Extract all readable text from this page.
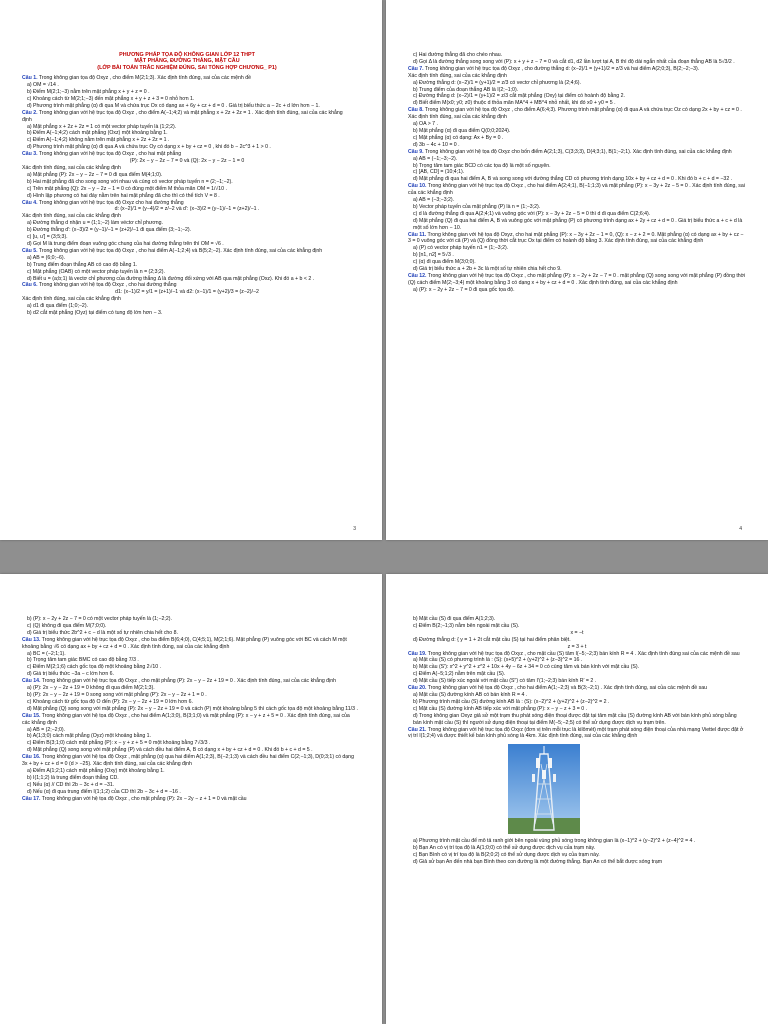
PHƯƠNG PHÁP TỌA ĐỘ KHÔNG GIAN LỚP 12 THPT
MẶT PHẲNG, ĐƯỜNG THẲNG, MẶT CẦU
(LỚP BÀI TOÁN TRẮC NGHIỆM ĐÚNG, SAI TỔNG HỢP CHƯƠNG_ P1)
Câu 1. Trong không gian tọa độ Oxyz , cho điểm M(2;1;3). Xác định tính đúng, sai của các mệnh đề
a) OM = √14 .
b) Điểm M(2;1;−3) nằm trên mặt phẳng x + y + z = 0 .
c) Khoảng cách từ M(2;1;−3) đến mặt phẳng x + y + z + 3 = 0 nhỏ hơn 1.
d) Phương trình mặt phẳng (α) đi qua M và chứa trục Ox có dạng ax + 6y + cz + d = 0 . Giá trị biểu thức a − 2c + d lớn hơn − 1.
Câu 2. Trong không gian với hệ trục tọa độ Oxyz , cho điểm A(−1;4;2) và mặt phẳng x + 2z + 2z = 1 . Xác định tính đúng, sai của các khẳng định
a) Mặt phẳng x + 2z + 2z = 1 có một vector pháp tuyến là (1;2;2).
b) Điểm A(−1;4;2) cách mặt phẳng (Oxz) một khoảng bằng 1.
c) Điểm A(−1;4;2) không nằm trên mặt phẳng x + 2z + 2z = 1 .
d) Phương trình mặt phẳng (α) đi qua A và chứa trục Oy có dạng x + by + cz = 0 , khi đó b − 2c^3 + 1 > 0 .
Câu 3. Trong không gian với hệ trục tọa độ Oxyz , cho hai mặt phẳng
(P): 2x − y − 2z − 7 = 0 và (Q): 2x − y − 2z − 1 = 0
Xác định tính đúng, sai của các khẳng định
a) Mặt phẳng (P): 2x − y − 2z − 7 = 0 đi qua điểm M(4;1;0).
b) Hai mặt phẳng đã cho song song với nhau và cùng có vector pháp tuyến n = (2;−1;−2).
c) Trên mặt phẳng (Q): 2x − y − 2z − 1 = 0 có đúng một điểm M thỏa mãn OM = 1/√10 .
d) Hình lập phương có hai đáy nằm trên hai mặt phẳng đã cho thì có thể tích V = 8 .
Câu 4. Trong không gian với hệ trục tọa độ Oxyz cho hai đường thẳng
d: (x−2)/1 = (y−4)/2 = z/−2 và d′: (x−3)/2 = (y−1)/−1 = (z+2)/−1 .
Xác định tính đúng, sai của các khẳng định
a) Đường thẳng d nhận u = (1;1;−2) làm véctơ chỉ phương.
b) Đường thẳng d′: (x−3)/2 = (y−1)/−1 = (z+2)/−1 đi qua điểm (3;−1;−2).
c) [u, u′] = (3;5;3).
d) Gọi M là trung điểm đoạn vuông góc chung của hai đường thẳng trên thì OM = √6 .
Câu 5. Trong không gian với hệ trục tọa độ Oxyz , cho hai điểm A(−1;2;4) và B(5;2;−2). Xác định tính đúng, sai của các khẳng định
a) AB = (6;0;−6).
b) Trung điểm đoạn thẳng AB có cao độ bằng 1.
c) Mặt phẳng (OAB) có một vector pháp tuyến là n = (2;3;2).
d) Biết u = (a;b;1) là vectơ chỉ phương của đường thẳng Δ là đường đối xứng với AB qua mặt phẳng (Oxz). Khi đó a + b < 2 .
Câu 6. Trong không gian với hệ tọa độ Oxyz , cho hai đường thẳng
d1: (x−1)/2 = y/1 = (z+1)/−1 và d2: (x−1)/1 = (y+2)/3 = (z−2)/−2
Xác định tính đúng, sai của các khẳng định
a) d1 đi qua điểm (1;0;−2).
b) d2 cắt mặt phẳng (Oyz) tại điểm có tung độ lớn hơn − 3.
3
c) Hai đường thẳng đã cho chéo nhau.
d) Gọi Δ là đường thẳng song song với (P): x + y + z − 7 = 0 và cắt d1, d2 lần lượt tại A, B thì độ dài ngắn nhất của đoạn thẳng AB là 5√3/2 .
Câu 7. Trong không gian với hệ trục tọa độ Oxyz , cho đường thẳng d: (x−2)/1 = (y+1)/2 = z/3 và hai điểm A(2;0;3), B(2;−2;−3).
Xác định tính đúng, sai của các khẳng định
a) Đường thẳng d: (x−2)/1 = (y+1)/2 = z/3 có vectơ chỉ phương là (2;4;6).
b) Trung điểm của đoạn thẳng AB là I(2;−1;0).
c) Đường thẳng d: (x−2)/1 = (y+1)/2 = z/3 cắt mặt phẳng (Oxy) tại điểm có hoành độ bằng 2.
d) Biết điểm M(x0; y0; z0) thuộc d thỏa mãn MA^4 + MB^4 nhỏ nhất, khi đó x0 + y0 = 5 .
Câu 8. Trong không gian với hệ tọa độ Oxyz , cho điểm A(6;4;3). Phương trình mặt phẳng (α) đi qua A và chứa trục Oz có dạng 2x + by + cz = 0 . Xác định tính đúng, sai của các khẳng định
a) OA > 7 .
b) Mặt phẳng (α) đi qua điểm Q(0;0;2024).
c) Mặt phẳng (α) có dạng: Ax + By = 0 .
d) 3b − 4c + 10 = 0 .
Câu 9. Trong không gian với hệ tọa độ Oxyz cho bốn điểm A(2;1;3), C(3;3;3), D(4;3;1), B(1;−2;1). Xác định tính đúng, sai của các khẳng định
a) AB = (−1;−3;−2).
b) Trọng tâm tam giác BCD có các tọa độ là một số nguyên.
c) [AB, CD] = (10;4;1).
d) Mặt phẳng đi qua hai điểm A, B và song song với đường thẳng CD có phương trình dạng 10x + by + cz + d = 0 . Khi đó b + c + d = −32 .
Câu 10. Trong không gian với hệ trục tọa độ Oxyz , cho hai điểm A(2;4;1), B(−1;1;3) và mặt phẳng (P): x − 3y + 2z − 5 = 0 . Xác định tính đúng, sai của các khẳng định
a) AB = (−3;−3;2).
b) Vector pháp tuyến của mặt phẳng (P) là n = (1;−3;2).
c) d là đường thẳng đi qua A(2;4;1) và vuông góc với (P): x − 3y + 2z − 5 = 0 thì d đi qua điểm C(2;6;4).
d) Mặt phẳng (Q) đi qua hai điểm A, B và vuông góc với mặt phẳng (P) có phương trình dạng ax + 2y + cz + d = 0 . Giá trị biểu thức a + c + d là một số lớn hơn − 10.
Câu 11. Trong không gian với hệ tọa độ Oxyz, cho hai mặt phẳng (P): x − 3y + 2z − 1 = 0, (Q): x − z + 2 = 0. Mặt phẳng (α) có dạng ax + by + cz − 3 = 0 vuông góc với cả (P) và (Q) đồng thời cắt trục Ox tại điểm có hoành độ bằng 3. Xác định tính đúng, sai của các khẳng định
a) (P) có vector pháp tuyến n1 = (1;−3;2).
b) [n1, n2] = 5√3 .
c) (α) đi qua điểm M(3;0;0).
d) Giá trị biểu thức a + 2b + 3c là một số tự nhiên chia hết cho 9.
Câu 12. Trong không gian với hệ trục tọa độ Oxyz , cho mặt phẳng (P): x − 2y + 2z − 7 = 0 . mặt phẳng (Q) song song với mặt phẳng (P) đồng thời (Q) cách điểm M(2;−3;4) một khoảng bằng 3 có dạng x + by + cz + d = 0 . Xác định tính đúng, sai của các khẳng định
a) (P): x − 2y + 2z − 7 = 0 đi qua gốc tọa độ.
4
b) (P): x − 2y + 2z − 7 = 0 có một vector pháp tuyến là (1;−2;2).
c) (Q) không đi qua điểm M(7;0;0).
d) Giá trị biểu thức 2b^2 + c − d là một số tự nhiên chia hết cho 8.
Câu 13. Trong không gian với hệ trục tọa độ Oxyz , cho ba điểm B(6;4;0), C(4;5;1), M(2;1;6). Mặt phẳng (P) vuông góc với BC và cách M một khoảng bằng √6 có dạng ax + by + cz + d = 0 . Xác định tính đúng, sai của các khẳng định
a) BC = (−2;1;1).
b) Trọng tâm tam giác BMC có cao độ bằng 7/3 .
c) Điểm M(2;1;6) cách gốc tọa độ một khoảng bằng 2√10 .
d) Giá trị biểu thức −3a − c lớn hơn 6.
Câu 14. Trong không gian với hệ trục tọa độ Oxyz , cho mặt phẳng (P): 2x − y − 2z + 19 = 0 . Xác định tính đúng, sai của các khẳng định
a) (P): 2x − y − 2z + 19 = 0 không đi qua điểm M(2;1;3).
b) (P): 2x − y − 2z + 19 = 0 song song với mặt phẳng (P′): 2x − y − 2z + 1 = 0 .
c) Khoảng cách từ gốc tọa độ O đến (P): 2x − y − 2z + 19 = 0 lớn hơn 6.
d) Mặt phẳng (Q) song song với mặt phẳng (P): 2x − y − 2z + 19 = 0 và cách (P) một khoảng bằng 5 thì cách gốc tọa độ một khoảng bằng 11/3 .
Câu 15. Trong không gian với hệ tọa độ Oxyz , cho hai điểm A(1;3;0), B(3;1;0) và mặt phẳng (P): x − y + z + 5 = 0 . Xác định tính đúng, sai của các khẳng định
a) AB = (2;−2;0).
b) A(1;3;0) cách mặt phẳng (Oyz) một khoảng bằng 1.
c) Điểm B(3;1;0) cách mặt phẳng (P): x − y + z + 5 = 0 một khoảng bằng 7√3/3 .
d) Mặt phẳng (Q) song song với mặt phẳng (P) và cách đều hai điểm A, B có dạng x + by + cz + d = 0 . Khi đó b + c + d = 5 .
Câu 16. Trong không gian với hệ tọa độ Oxyz , mặt phẳng (α) qua hai điểm A(1;2;3), B(−2;1;3) và cách đều hai điểm C(2;−1;3), D(0;3;1) có dạng 3x + by + cz + d = 0 (d > −25). Xác định tính đúng, sai của các khẳng định
a) Điểm A(1;2;1) cách mặt phẳng (Oxy) một khoảng bằng 1.
b) I(1;1;2) là trung điểm đoạn thẳng CD.
c) Nếu (α) // CD thì 2b − 3c + d = −31.
d) Nếu (α) đi qua trung điểm I(1;1;2) của CD thì 2b − 3c + d = −16 .
Câu 17. Trong không gian với hệ tọa độ Oxyz , cho mặt phẳng (P): 2x − 2y − z + 1 = 0 và mặt cầu
b) Mặt cầu (S) đi qua điểm A(1;2;3).
c) Điểm B(2;−1;3) nằm bên ngoài mặt cầu (S).
x = −t
d) Đường thẳng d: { y = 1 + 2t cắt mặt cầu (S) tại hai điểm phân biệt.
z = 3 + t
Câu 19. Trong không gian với hệ trục tọa độ Oxyz , cho mặt cầu (S) tâm I(−5;−2;3) bán kính R = 4 . Xác định tính đúng sai của các mệnh đề sau
a) Mặt cầu (S) có phương trình là : (S): (x+5)^2 + (y+2)^2 + (z−3)^2 = 16 .
b) Mặt cầu (S′): x^2 + y^2 + z^2 + 10x + 4y − 6z + 34 = 0 có cùng tâm và bán kính với mặt cầu (S).
c) Điểm A(−5;1;2) nằm trên mặt cầu (S).
d) Mặt cầu (S) tiếp xúc ngoài với mặt cầu (S′′) có tâm I′(1;−2;3) bán kính R′ = 2 .
Câu 20. Trong không gian với hệ tọa độ Oxyz , cho hai điểm A(1;−2;3) và B(3;−2;1) . Xác định tính đúng, sai của các mệnh đề sau
a) Mặt cầu (S) đường kính AB có bán kính R = 4 .
b) Phương trình mặt cầu (S) đường kính AB là : (S): (x−2)^2 + (y+2)^2 + (z−2)^2 = 2 .
c) Mặt cầu (S) đường kính AB tiếp xúc với mặt phẳng (P): x − y − z + 3 = 0 .
d) Trong không gian Oxyz giả sử một trạm thu phát sóng điện thoại được đặt tại tâm mặt cầu (S) đường kính AB với bán kính phủ sóng bằng bán kính mặt cầu (S) thì người sử dụng điện thoại tại điểm M(−5;−2;5) có thể sử dụng được dịch vụ trạm trên.
Câu 21. Trong không gian với hệ trục tọa độ Oxyz (đơn vị trên mỗi trục là kilômét) một trạm phát sóng điện thoại của nhà mạng Viettel được đặt ở vị trí I(1;2;4) và được thiết kế bán kính phủ sóng là 4km. Xác định tính đúng, sai của các khẳng định
a) Phương trình mặt cầu để mô tả ranh giới bên ngoài vùng phủ sóng trong không gian là (x−1)^2 + (y−2)^2 + (z−4)^2 = 4 .
b) Bạn An có vị trí tọa độ là A(1;0;0) có thể sử dụng được dịch vụ của trạm này.
c) Bạn Bình có vị trí tọa độ là B(2;0;2) có thể sử dụng được dịch vụ của trạm này.
d) Giả sử bạn An đến nhà bạn Bình theo con đường là một đường thẳng. Bạn An có thể bắt được sóng trạm
